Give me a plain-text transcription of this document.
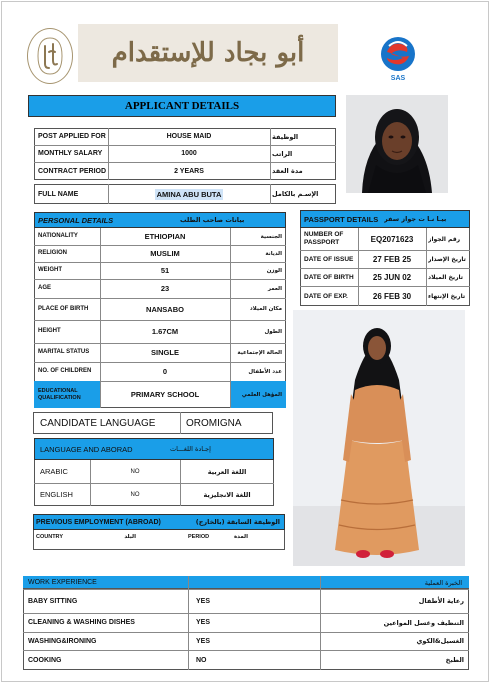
أبو بجاد للإستقدام
SAS
APPLICANT DETAILS
POST APPLIED FOR	HOUSE MAID	الوظيفة
MONTHLY SALARY	1000	الراتب
CONTRACT PERIOD	2 YEARS	مدة العقد
FULL NAME	AMINA ABU BUTA	الإسـم بالكامل
PERSONAL DETAILS	بيانات صاحب الطلب
NATIONALITY	ETHIOPIAN	الجنسية
RELIGION	MUSLIM	الديانة
WEIGHT	51	الوزن
AGE	23	العمر
PLACE OF BIRTH	NANSABO	مكان الميلاد
HEIGHT	1.67CM	الطول
MARITAL STATUS	SINGLE	الحالة الإجتماعية
NO. OF CHILDREN	0	عدد الأطفال
EDUCATIONAL QUALIFICATION	PRIMARY SCHOOL	المؤهل العلمي
PASSPORT DETAILS بيـا نـا ت جواز سفر
NUMBER OF PASSPORT	EQ2071623	رقم الجواز
DATE OF ISSUE	27 FEB 25	تاريخ الإصدار
DATE OF BIRTH	25 JUN 02	تاريخ الميلاد
DATE OF EXP.	26 FEB 30	تاريخ الإنتهاء
CANDIDATE LANGUAGE	OROMIGNA
LANGUAGE AND ABORAD	إجـادة اللغـــات
ARABIC	NO	اللغة العربية
ENGLISH	NO	اللغة الانجليزية
PREVIOUS EMPLOYMENT (ABROAD)	الوظيفة السابقة (بالخارج)
COUNTRY	البلد	PERIOD	المدة
WORK EXPERIENCE	الخبرة العملية
BABY SITTING	YES	رعاية الأطفال
CLEANING & WASHING DISHES	YES	التنظيف وغسل المواعين
WASHING&IRONING	YES	الغسيل&الكوي
COOKING	NO	الطبخ
